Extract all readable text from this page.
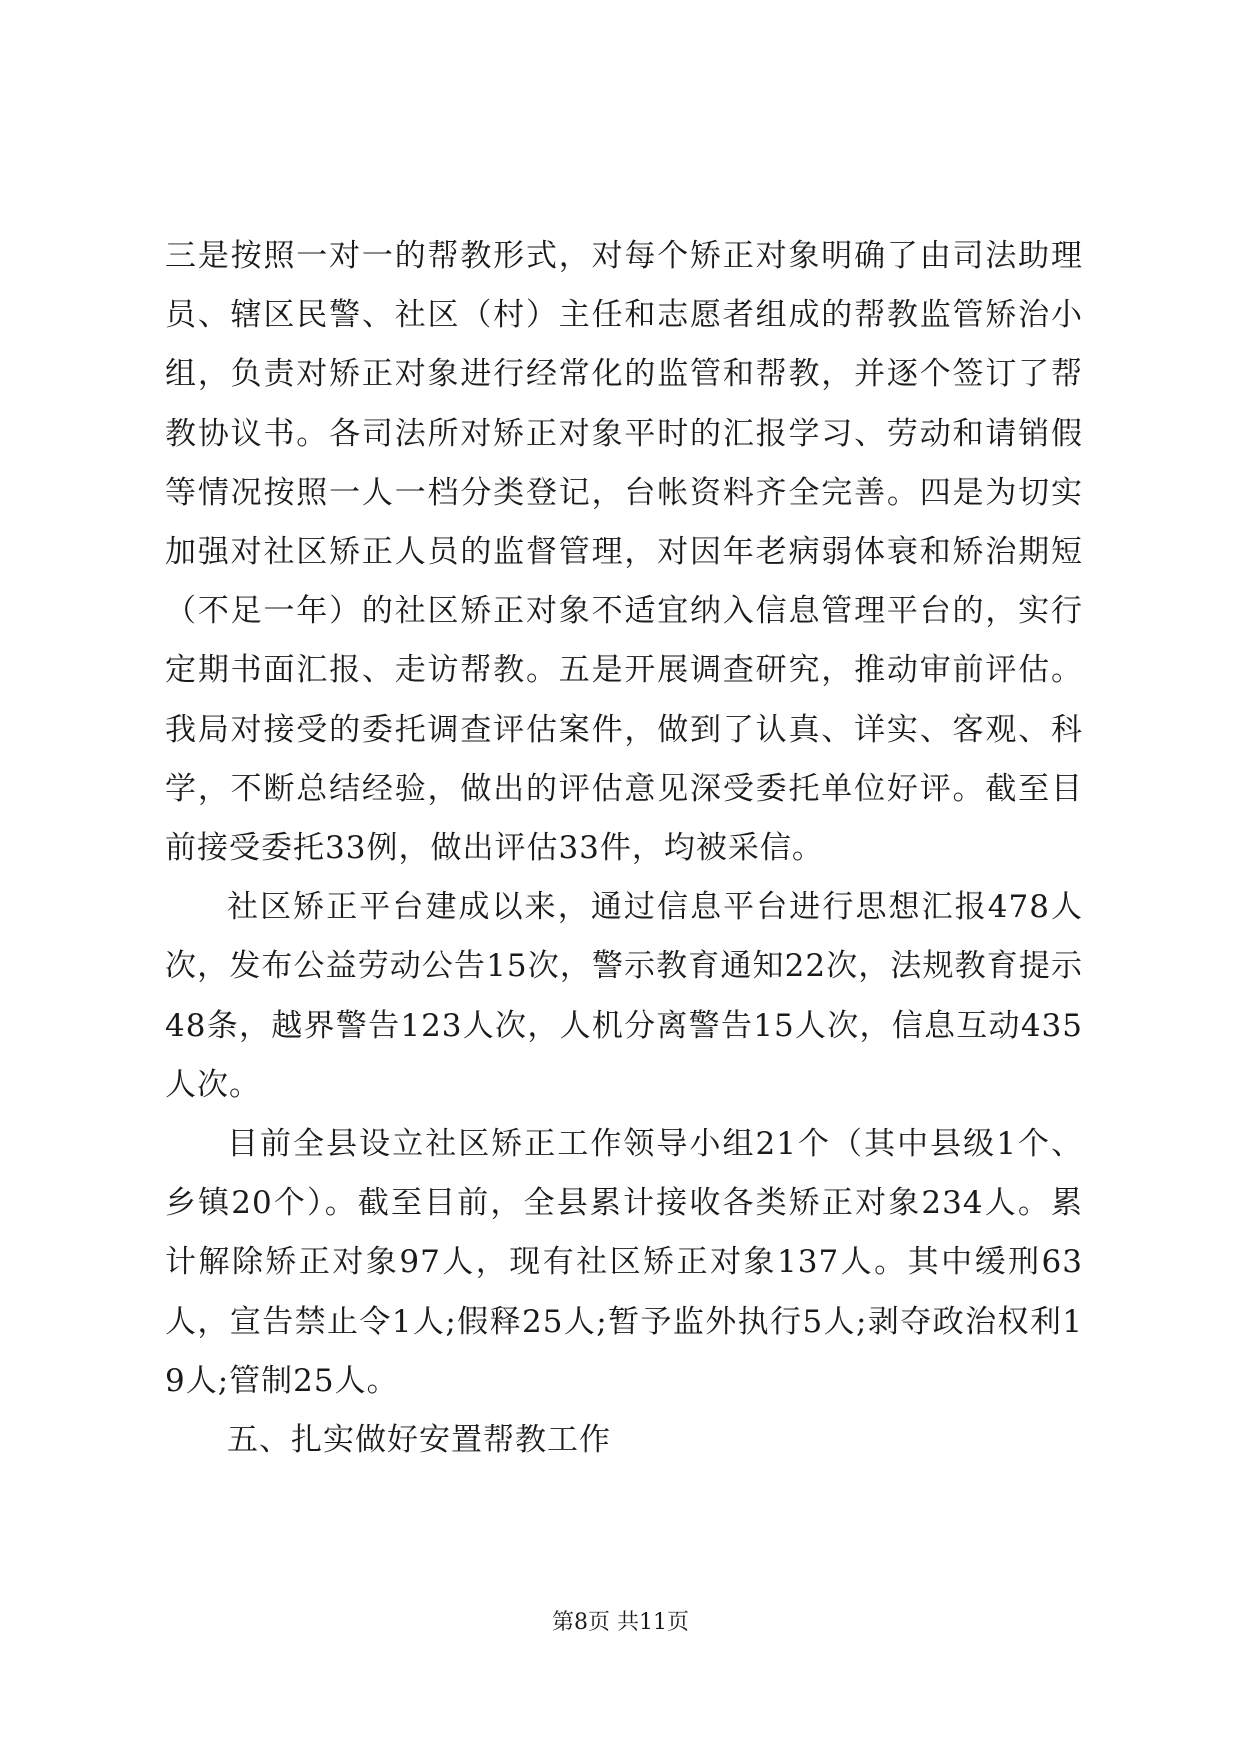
三是按照一对一的帮教形式，对每个矫正对象明确了由司法助理员、辖区民警、社区（村）主任和志愿者组成的帮教监管矫治小组，负责对矫正对象进行经常化的监管和帮教，并逐个签订了帮教协议书。各司法所对矫正对象平时的汇报学习、劳动和请销假等情况按照一人一档分类登记，台帐资料齐全完善。四是为切实加强对社区矫正人员的监督管理，对因年老病弱体衰和矫治期短（不足一年）的社区矫正对象不适宜纳入信息管理平台的，实行定期书面汇报、走访帮教。五是开展调查研究，推动审前评估。我局对接受的委托调查评估案件，做到了认真、详实、客观、科学，不断总结经验，做出的评估意见深受委托单位好评。截至目前接受委托33例，做出评估33件，均被采信。

社区矫正平台建成以来，通过信息平台进行思想汇报478人次，发布公益劳动公告15次，警示教育通知22次，法规教育提示48条，越界警告123人次，人机分离警告15人次，信息互动435人次。

目前全县设立社区矫正工作领导小组21个（其中县级1个、乡镇20个）。截至目前，全县累计接收各类矫正对象234人。累计解除矫正对象97人，现有社区矫正对象137人。其中缓刑63人，宣告禁止令1人;假释25人;暂予监外执行5人;剥夺政治权利19人;管制25人。

五、扎实做好安置帮教工作

第8页 共11页
